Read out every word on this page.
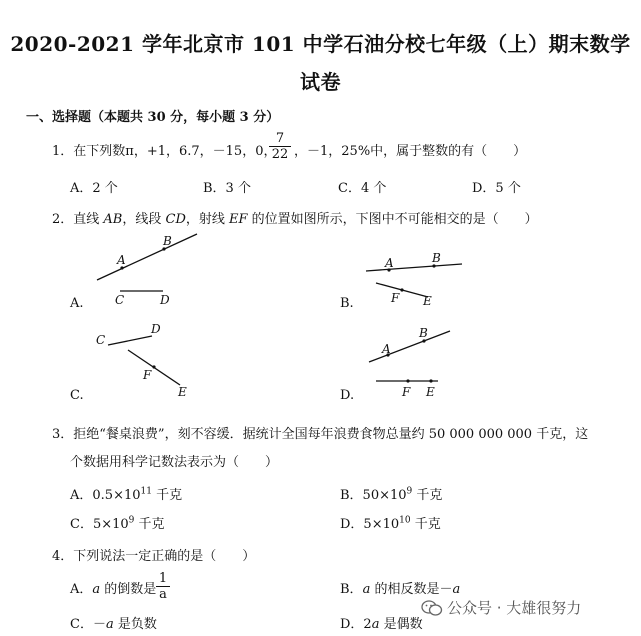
2020-2021 学年北京市 101 中学石油分校七年级（上）期末数学
试卷
一、选择题（本题共 30 分，每小题 3 分）
1．在下列数π，+1，6.7，－15，0，
7
22 ，－1，25%中，属于整数的有（　　）
A．2 个	B．3 个	C．4 个	D．5 个
2．直线 AB，线段 CD，射线 EF 的位置如图所示，下图中不可能相交的是（　　）
A
B
C	D
A	B
F E
C
D
F
E
A
B
F E
A.	B.
C.	D.
3．拒绝“餐桌浪费”，刻不容缓．据统计全国每年浪费食物总量约 50 000 000 000 千克，这
个数据用科学记数法表示为（　　）
A．$0.5\times 10^{11}$ 千克	B．$50\times 10^9$ 千克
C．$5\times 10^9$ 千克	D．$5\times 10^{10}$ 千克
4．下列说法一定正确的是（　　）
A．a 的倒数是
1
a	B．a 的相反数是－a
C．－a 是负数	D．2a 是偶数
公众号 · 大雄很努力
